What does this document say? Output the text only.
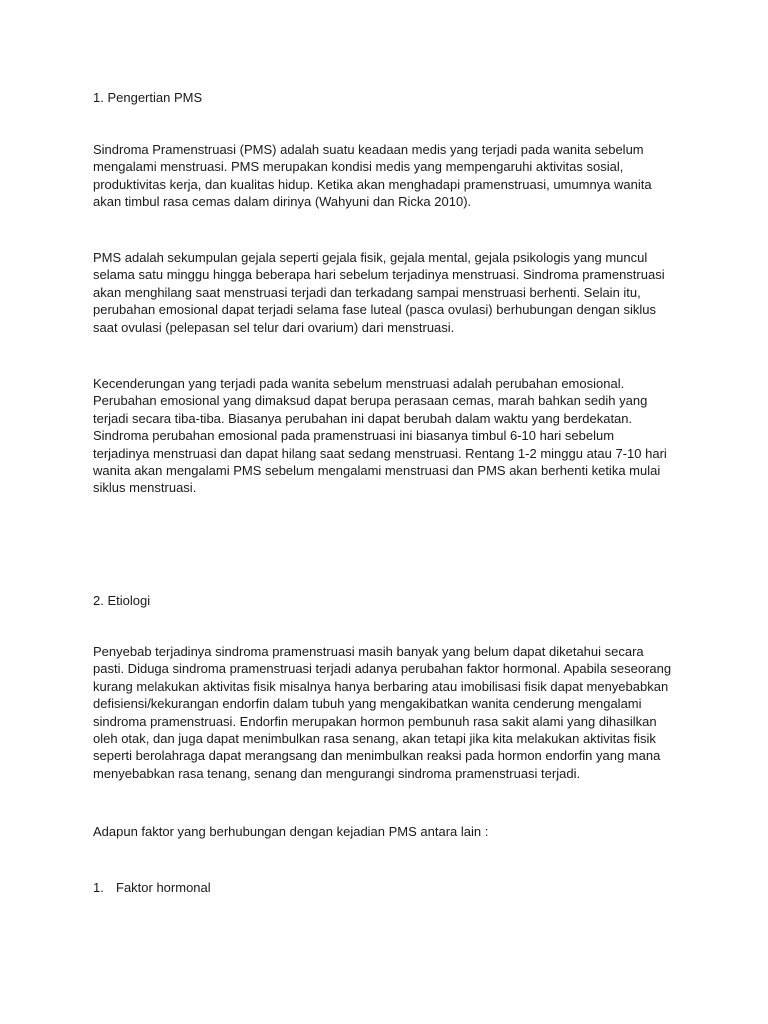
1. Pengertian PMS
Sindroma Pramenstruasi (PMS) adalah suatu keadaan medis yang terjadi pada wanita sebelum
mengalami menstruasi. PMS merupakan kondisi medis yang mempengaruhi aktivitas sosial,
produktivitas kerja, dan kualitas hidup. Ketika akan menghadapi pramenstruasi, umumnya wanita
akan timbul rasa cemas dalam dirinya (Wahyuni dan Ricka 2010).
PMS adalah sekumpulan gejala seperti gejala fisik, gejala mental, gejala psikologis yang muncul
selama satu minggu hingga beberapa hari sebelum terjadinya menstruasi. Sindroma pramenstruasi
akan menghilang saat menstruasi terjadi dan terkadang sampai menstruasi berhenti. Selain itu,
perubahan emosional dapat terjadi selama fase luteal (pasca ovulasi) berhubungan dengan siklus
saat ovulasi (pelepasan sel telur dari ovarium) dari menstruasi.
Kecenderungan yang terjadi pada wanita sebelum menstruasi adalah perubahan emosional.
Perubahan emosional yang dimaksud dapat berupa perasaan cemas, marah bahkan sedih yang
terjadi secara tiba-tiba. Biasanya perubahan ini dapat berubah dalam waktu yang berdekatan.
Sindroma perubahan emosional pada pramenstruasi ini biasanya timbul 6-10 hari sebelum
terjadinya menstruasi dan dapat hilang saat sedang menstruasi. Rentang 1-2 minggu atau 7-10 hari
wanita akan mengalami PMS sebelum mengalami menstruasi dan PMS akan berhenti ketika mulai
siklus menstruasi.
2. Etiologi
Penyebab terjadinya sindroma pramenstruasi masih banyak yang belum dapat diketahui secara
pasti. Diduga sindroma pramenstruasi terjadi adanya perubahan faktor hormonal. Apabila seseorang
kurang melakukan aktivitas fisik misalnya hanya berbaring atau imobilisasi fisik dapat menyebabkan
defisiensi/kekurangan endorfin dalam tubuh yang mengakibatkan wanita cenderung mengalami
sindroma pramenstruasi. Endorfin merupakan hormon pembunuh rasa sakit alami yang dihasilkan
oleh otak, dan juga dapat menimbulkan rasa senang, akan tetapi jika kita melakukan aktivitas fisik
seperti berolahraga dapat merangsang dan menimbulkan reaksi pada hormon endorfin yang mana
menyebabkan rasa tenang, senang dan mengurangi sindroma pramenstruasi terjadi.
Adapun faktor yang berhubungan dengan kejadian PMS antara lain :
1. Faktor hormonal
